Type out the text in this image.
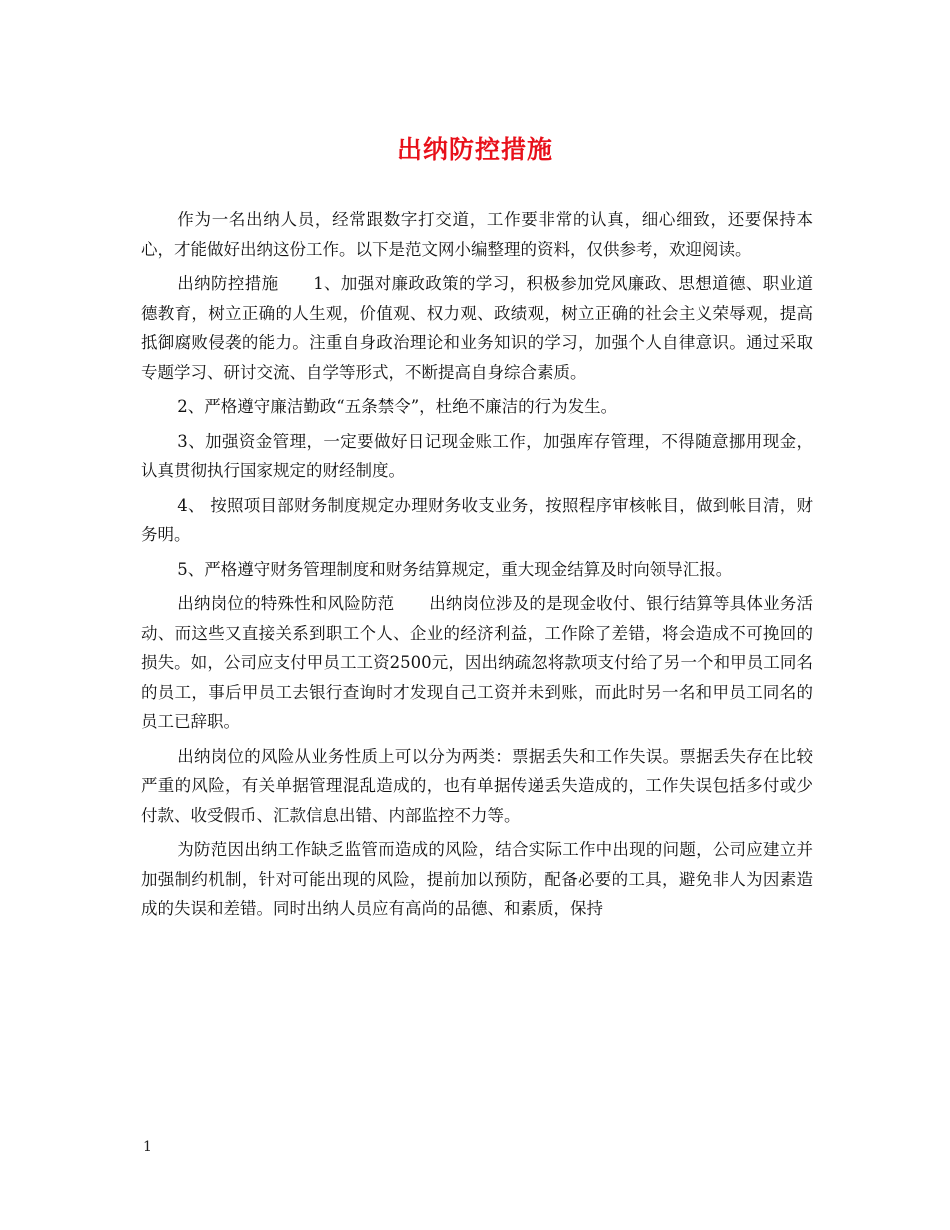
出纳防控措施

作为一名出纳人员，经常跟数字打交道，工作要非常的认真，细心细致，还要保持本心，才能做好出纳这份工作。以下是范文网小编整理的资料，仅供参考，欢迎阅读。

出纳防控措施 1、加强对廉政政策的学习，积极参加党风廉政、思想道德、职业道德教育，树立正确的人生观，价值观、权力观、政绩观，树立正确的社会主义荣辱观，提高抵御腐败侵袭的能力。注重自身政治理论和业务知识的学习，加强个人自律意识。通过采取专题学习、研讨交流、自学等形式，不断提高自身综合素质。

2、严格遵守廉洁勤政“五条禁令”，杜绝不廉洁的行为发生。

3、加强资金管理，一定要做好日记现金账工作，加强库存管理，不得随意挪用现金，认真贯彻执行国家规定的财经制度。

4、 按照项目部财务制度规定办理财务收支业务，按照程序审核帐目，做到帐目清，财务明。

5、严格遵守财务管理制度和财务结算规定，重大现金结算及时向领导汇报。

出纳岗位的特殊性和风险防范 出纳岗位涉及的是现金收付、银行结算等具体业务活动、而这些又直接关系到职工个人、企业的经济利益，工作除了差错，将会造成不可挽回的损失。如，公司应支付甲员工工资2500元，因出纳疏忽将款项支付给了另一个和甲员工同名的员工，事后甲员工去银行查询时才发现自己工资并未到账，而此时另一名和甲员工同名的员工已辞职。

出纳岗位的风险从业务性质上可以分为两类：票据丢失和工作失误。票据丢失存在比较严重的风险，有关单据管理混乱造成的，也有单据传递丢失造成的，工作失误包括多付或少付款、收受假币、汇款信息出错、内部监控不力等。

为防范因出纳工作缺乏监管而造成的风险，结合实际工作中出现的问题，公司应建立并加强制约机制，针对可能出现的风险，提前加以预防，配备必要的工具，避免非人为因素造成的失误和差错。同时出纳人员应有高尚的品德、和素质，保持

1
